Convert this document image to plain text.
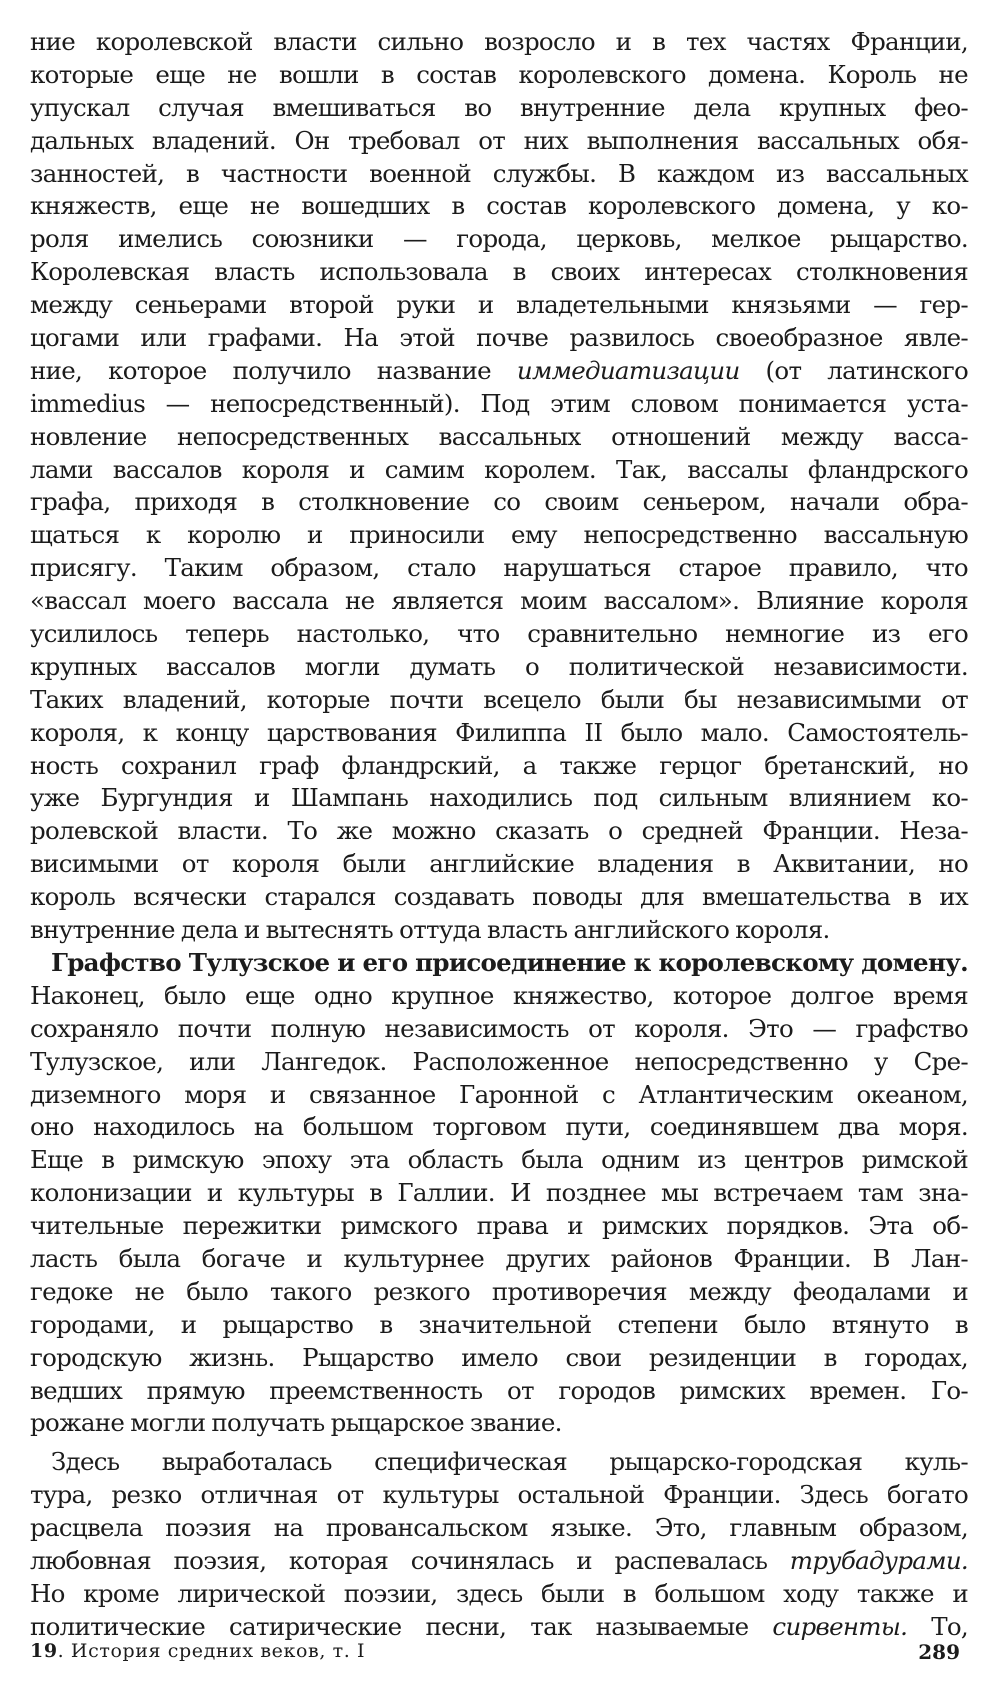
ние королевской власти сильно возросло и в тех частях Франции,
которые еще не вошли в состав королевского домена. Король не
упускал случая вмешиваться во внутренние дела крупных фео-
дальных владений. Он требовал от них выполнения вассальных обя-
занностей, в частности военной службы. В каждом из вассальных
княжеств, еще не вошедших в состав королевского домена, у ко-
роля имелись союзники — города, церковь, мелкое рыцарство.
Королевская власть использовала в своих интересах столкновения
между сеньерами второй руки и владетельными князьями — гер-
цогами или графами. На этой почве развилось своеобразное явле-
ние, которое получило название иммедиатизации (от латинского
immedius — непосредственный). Под этим словом понимается уста-
новление непосредственных вассальных отношений между васса-
лами вассалов короля и самим королем. Так, вассалы фландрского
графа, приходя в столкновение со своим сеньером, начали обра-
щаться к королю и приносили ему непосредственно вассальную
присягу. Таким образом, стало нарушаться старое правило, что
«вассал моего вассала не является моим вассалом». Влияние короля
усилилось теперь настолько, что сравнительно немногие из его
крупных вассалов могли думать о политической независимости.
Таких владений, которые почти всецело были бы независимыми от
короля, к концу царствования Филиппа II было мало. Самостоятель-
ность сохранил граф фландрский, а также герцог бретанский, но
уже Бургундия и Шампань находились под сильным влиянием ко-
ролевской власти. То же можно сказать о средней Франции. Неза-
висимыми от короля были английские владения в Аквитании, но
король всячески старался создавать поводы для вмешательства в их
внутренние дела и вытеснять оттуда власть английского короля.
Графство Тулузское и его присоединение к королевскому домену.
Наконец, было еще одно крупное княжество, которое долгое время
сохраняло почти полную независимость от короля. Это — графство
Тулузское, или Лангедок. Расположенное непосредственно у Сре-
диземного моря и связанное Гаронной с Атлантическим океаном,
оно находилось на большом торговом пути, соединявшем два моря.
Еще в римскую эпоху эта область была одним из центров римской
колонизации и культуры в Галлии. И позднее мы встречаем там зна-
чительные пережитки римского права и римских порядков. Эта об-
ласть была богаче и культурнее других районов Франции. В Лан-
гедоке не было такого резкого противоречия между феодалами и
городами, и рыцарство в значительной степени было втянуто в
городскую жизнь. Рыцарство имело свои резиденции в городах,
ведших прямую преемственность от городов римских времен. Го-
рожане могли получать рыцарское звание.
Здесь выработалась специфическая рыцарско-городская куль-
тура, резко отличная от культуры остальной Франции. Здесь богато
расцвела поэзия на провансальском языке. Это, главным образом,
любовная поэзия, которая сочинялась и распевалась трубадурами.
Но кроме лирической поэзии, здесь были в большом ходу также и
политические сатирические песни, так называемые сирвенты. То,
19. История средних веков, т. I	289
